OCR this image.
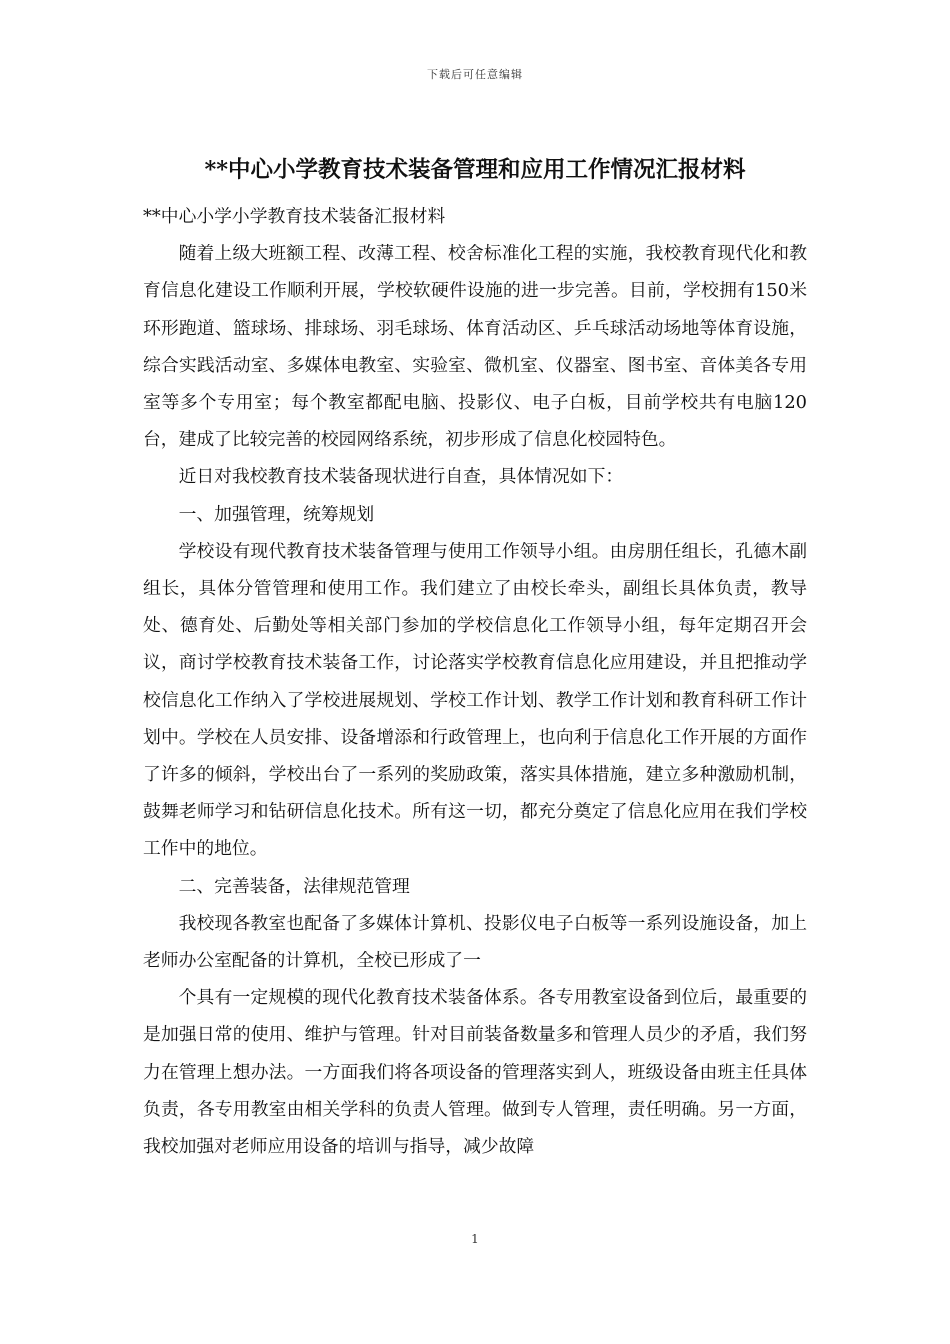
下载后可任意编辑
**中心小学教育技术装备管理和应用工作情况汇报材料

**中心小学小学教育技术装备汇报材料

随着上级大班额工程、改薄工程、校舍标准化工程的实施，我校教育现代化和教育信息化建设工作顺利开展，学校软硬件设施的进一步完善。目前，学校拥有150米环形跑道、篮球场、排球场、羽毛球场、体育活动区、乒乓球活动场地等体育设施，综合实践活动室、多媒体电教室、实验室、微机室、仪器室、图书室、音体美各专用室等多个专用室；每个教室都配电脑、投影仪、电子白板，目前学校共有电脑120台，建成了比较完善的校园网络系统，初步形成了信息化校园特色。

近日对我校教育技术装备现状进行自查，具体情况如下：

一、加强管理，统筹规划

学校设有现代教育技术装备管理与使用工作领导小组。由房朋任组长，孔德木副组长，具体分管管理和使用工作。我们建立了由校长牵头，副组长具体负责，教导处、德育处、后勤处等相关部门参加的学校信息化工作领导小组，每年定期召开会议，商讨学校教育技术装备工作，讨论落实学校教育信息化应用建设，并且把推动学校信息化工作纳入了学校进展规划、学校工作计划、教学工作计划和教育科研工作计划中。学校在人员安排、设备增添和行政管理上，也向利于信息化工作开展的方面作了许多的倾斜，学校出台了一系列的奖励政策，落实具体措施，建立多种激励机制，鼓舞老师学习和钻研信息化技术。所有这一切，都充分奠定了信息化应用在我们学校工作中的地位。

二、完善装备，法律规范管理

我校现各教室也配备了多媒体计算机、投影仪电子白板等一系列设施设备，加上老师办公室配备的计算机，全校已形成了一

个具有一定规模的现代化教育技术装备体系。各专用教室设备到位后，最重要的是加强日常的使用、维护与管理。针对目前装备数量多和管理人员少的矛盾，我们努力在管理上想办法。一方面我们将各项设备的管理落实到人，班级设备由班主任具体负责，各专用教室由相关学科的负责人管理。做到专人管理，责任明确。另一方面，我校加强对老师应用设备的培训与指导，减少故障

1
